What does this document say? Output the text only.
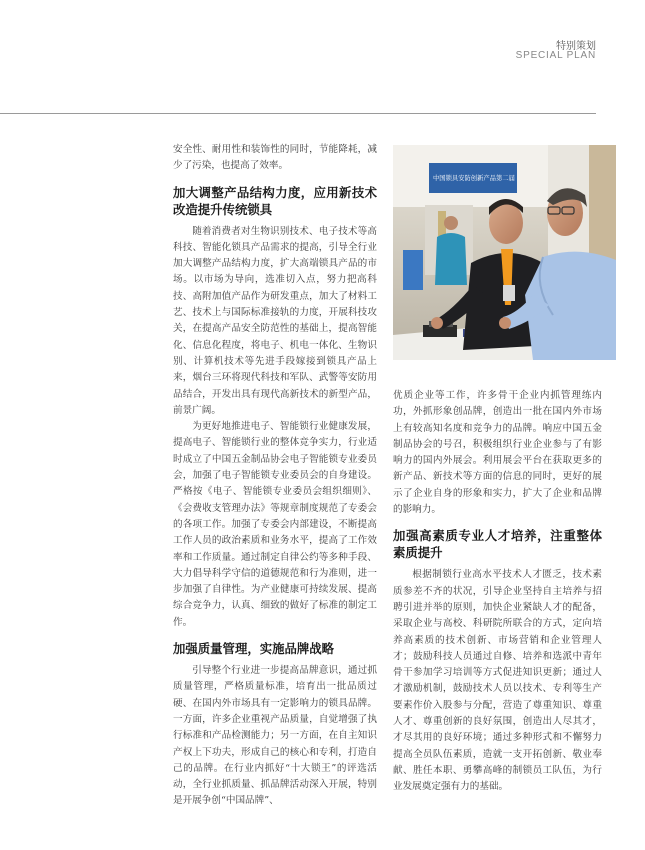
特别策划
SPECIAL PLAN

安全性、耐用性和装饰性的同时，节能降耗，减少了污染，也提高了效率。

加大调整产品结构力度，应用新技术改造提升传统锁具

随着消费者对生物识别技术、电子技术等高科技、智能化锁具产品需求的提高，引导全行业加大调整产品结构力度，扩大高端锁具产品的市场。以市场为导向，选准切入点，努力把高科技、高附加值产品作为研发重点，加大了材料工艺、技术上与国际标准接轨的力度，开展科技攻关，在提高产品安全防范性的基础上，提高智能化、信息化程度，将电子、机电一体化、生物识别、计算机技术等先进手段嫁接到锁具产品上来，烟台三环将现代科技和军队、武警等安防用品结合，开发出具有现代高新技术的新型产品，前景广阔。

为更好地推进电子、智能锁行业健康发展，提高电子、智能锁行业的整体竞争实力，行业适时成立了中国五金制品协会电子智能锁专业委员会，加强了电子智能锁专业委员会的自身建设。严格按《电子、智能锁专业委员会组织细则》、《会费收支管理办法》等规章制度规范了专委会的各项工作。加强了专委会内部建设，不断提高工作人员的政治素质和业务水平，提高了工作效率和工作质量。通过制定自律公约等多种手段、大力倡导科学守信的道德规范和行为准则，进一步加强了自律性。为产业健康可持续发展、提高综合竞争力，认真、细致的做好了标准的制定工作。

加强质量管理，实施品牌战略

引导整个行业进一步提高品牌意识，通过抓质量管理，严格质量标准，培育出一批品质过硬、在国内外市场具有一定影响力的锁具品牌。一方面，许多企业重视产品质量，自觉增强了执行标准和产品检测能力；另一方面，在自主知识产权上下功夫，形成自己的核心和专利，打造自己的品牌。在行业内抓好“十大锁王”的评选活动，全行业抓质量、抓品牌活动深入开展，特别是开展争创“中国品牌”、

中国锁具安防创新产品第二届

优质企业等工作，许多骨干企业内抓管理练内功，外抓形象创品牌，创造出一批在国内外市场上有较高知名度和竞争力的品牌。响应中国五金制品协会的号召，积极组织行业企业参与了有影响力的国内外展会。利用展会平台在获取更多的新产品、新技术等方面的信息的同时，更好的展示了企业自身的形象和实力，扩大了企业和品牌的影响力。

加强高素质专业人才培养，注重整体素质提升

根据制锁行业高水平技术人才匮乏，技术素质参差不齐的状况，引导企业坚持自主培养与招聘引进并举的原则，加快企业紧缺人才的配备，采取企业与高校、科研院所联合的方式，定向培养高素质的技术创新、市场营销和企业管理人才；鼓励科技人员通过自修、培养和选派中青年骨干参加学习培训等方式促进知识更新；通过人才激励机制，鼓励技术人员以技术、专利等生产要素作价入股参与分配，营造了尊重知识、尊重人才、尊重创新的良好氛围，创造出人尽其才，才尽其用的良好环境；通过多种形式和不懈努力提高全员队伍素质，造就一支开拓创新、敬业奉献、胜任本职、勇攀高峰的制锁员工队伍，为行业发展奠定强有力的基础。
